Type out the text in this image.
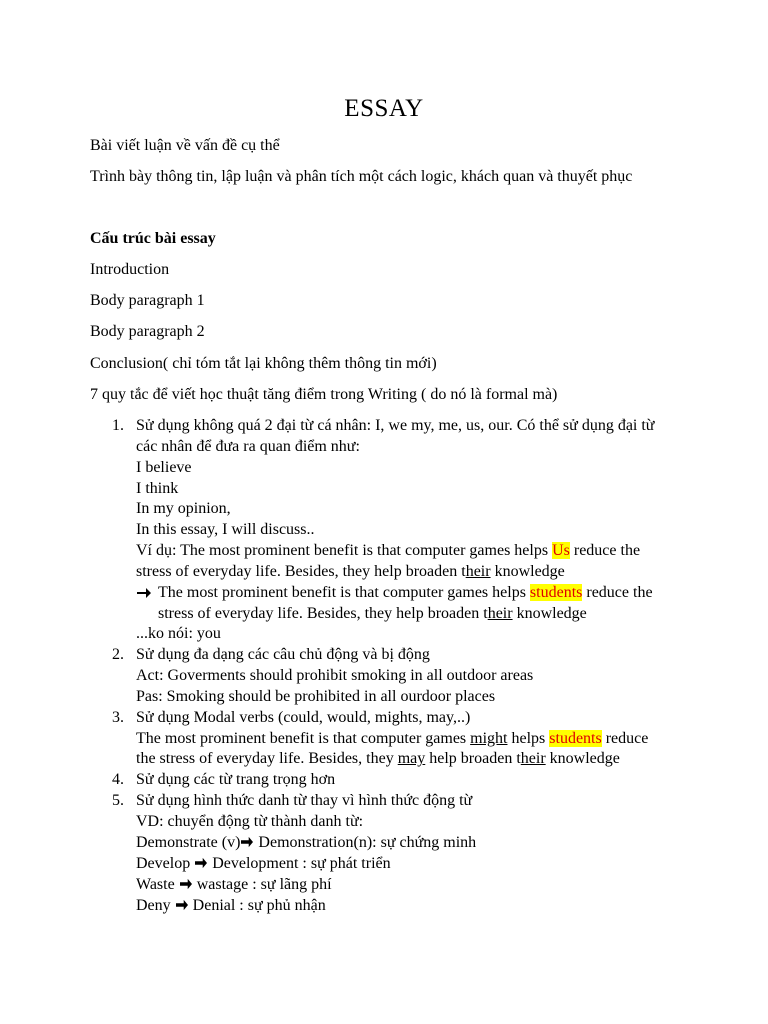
ESSAY
Bài viết luận về vấn đề cụ thể
Trình bày thông tin, lập luận và phân tích một cách logic, khách quan và thuyết phục
Cấu trúc bài essay
Introduction
Body paragraph 1
Body paragraph 2
Conclusion( chỉ tóm tắt lại không thêm thông tin mới)
7 quy tắc để viết học thuật tăng điểm trong Writing ( do nó là formal mà)
1. Sử dụng không quá 2 đại từ cá nhân: I, we my, me, us, our. Có thể sử dụng đại từ
các nhân để đưa ra quan điểm như:
I believe
I think
In my opinion,
In this essay, I will discuss..
Ví dụ: The most prominent benefit is that computer games helps Us reduce the
stress of everyday life. Besides, they help broaden their knowledge
The most prominent benefit is that computer games helps students reduce the
stress of everyday life. Besides, they help broaden their knowledge
...ko nói: you
2. Sử dụng đa dạng các câu chủ động và bị động
Act: Goverments should prohibit smoking in all outdoor areas
Pas: Smoking should be prohibited in all ourdoor places
3. Sử dụng Modal verbs (could, would, mights, may,..)
The most prominent benefit is that computer games might helps students reduce
the stress of everyday life. Besides, they may help broaden their knowledge
4. Sử dụng các từ trang trọng hơn
5. Sử dụng hình thức danh từ thay vì hình thức động từ
VD: chuyển động từ thành danh từ:
Demonstrate (v) Demonstration(n): sự chứng minh
Develop  Development : sự phát triển
Waste  wastage : sự lãng phí
Deny  Denial : sự phủ nhận
